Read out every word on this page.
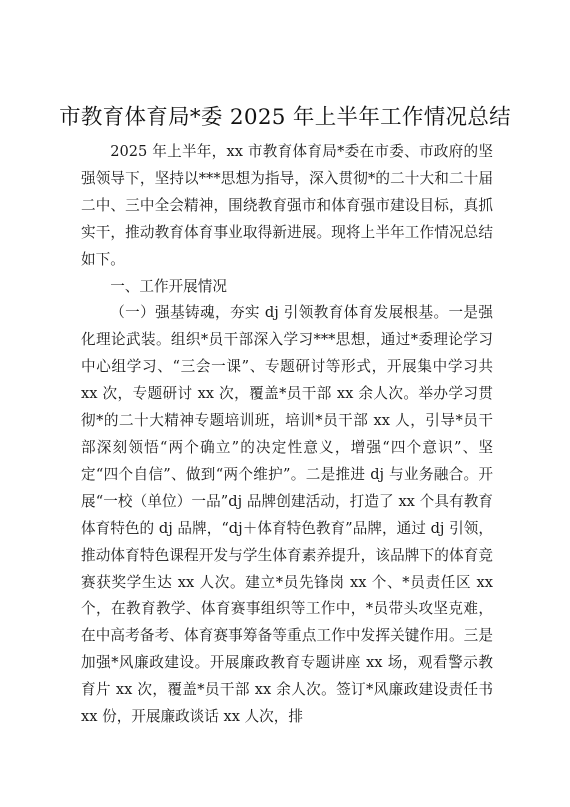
市教育体育局*委 2025 年上半年工作情况总结

2025 年上半年，xx 市教育体育局*委在市委、市政府的坚强领导下，坚持以***思想为指导，深入贯彻*的二十大和二十届二中、三中全会精神，围绕教育强市和体育强市建设目标，真抓实干，推动教育体育事业取得新进展。现将上半年工作情况总结如下。

一、工作开展情况

（一）强基铸魂，夯实 dj 引领教育体育发展根基。一是强化理论武装。组织*员干部深入学习***思想，通过*委理论学习中心组学习、“三会一课”、专题研讨等形式，开展集中学习共 xx 次，专题研讨 xx 次，覆盖*员干部 xx 余人次。举办学习贯彻*的二十大精神专题培训班，培训*员干部 xx 人，引导*员干部深刻领悟“两个确立”的决定性意义，增强“四个意识”、坚定“四个自信”、做到“两个维护”。二是推进 dj 与业务融合。开展“一校（单位）一品”dj 品牌创建活动，打造了 xx 个具有教育体育特色的 dj 品牌，“dj＋体育特色教育”品牌，通过 dj 引领，推动体育特色课程开发与学生体育素养提升，该品牌下的体育竞赛获奖学生达 xx 人次。建立*员先锋岗 xx 个、*员责任区 xx 个，在教育教学、体育赛事组织等工作中，*员带头攻坚克难，在中高考备考、体育赛事筹备等重点工作中发挥关键作用。三是加强*风廉政建设。开展廉政教育专题讲座 xx 场，观看警示教育片 xx 次，覆盖*员干部 xx 余人次。签订*风廉政建设责任书 xx 份，开展廉政谈话 xx 人次，排
